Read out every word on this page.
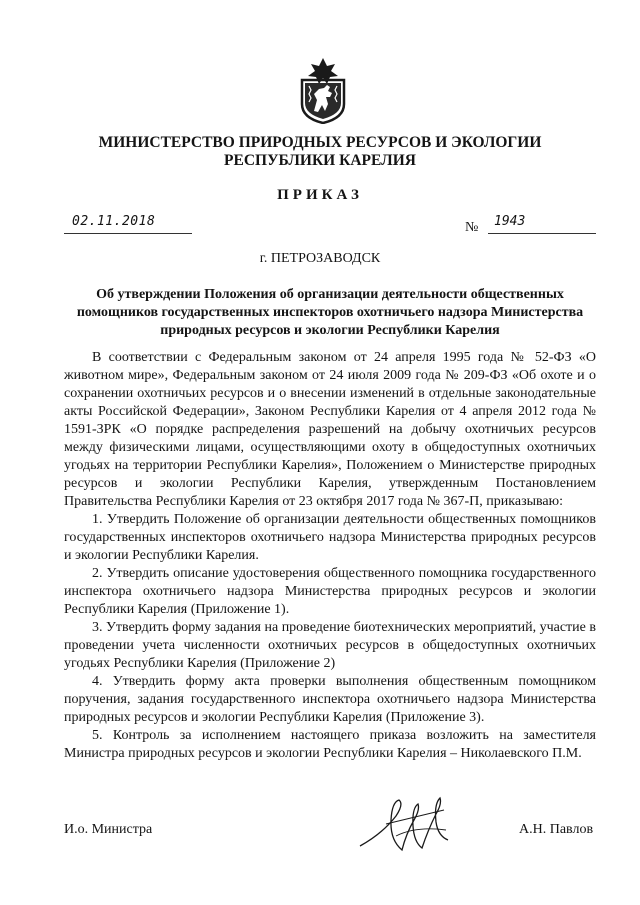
МИНИСТЕРСТВО ПРИРОДНЫХ РЕСУРСОВ И ЭКОЛОГИИ РЕСПУБЛИКИ КАРЕЛИЯ
ПРИКАЗ
02.11.2018	№ 1943
г. ПЕТРОЗАВОДСК
Об утверждении Положения об организации деятельности общественных помощников государственных инспекторов охотничьего надзора Министерства природных ресурсов и экологии Республики Карелия

В соответствии с Федеральным законом от 24 апреля 1995 года № 52-ФЗ «О животном мире», Федеральным законом от 24 июля 2009 года № 209-ФЗ «Об охоте и о сохранении охотничьих ресурсов и о внесении изменений в отдельные законодательные акты Российской Федерации», Законом Республики Карелия от 4 апреля 2012 года № 1591-ЗРК «О порядке распределения разрешений на добычу охотничьих ресурсов между физическими лицами, осуществляющими охоту в общедоступных охотничьих угодьях на территории Республики Карелия», Положением о Министерстве природных ресурсов и экологии Республики Карелия, утвержденным Постановлением Правительства Республики Карелия от 23 октября 2017 года № 367-П, приказываю:

1. Утвердить Положение об организации деятельности общественных помощников государственных инспекторов охотничьего надзора Министерства природных ресурсов и экологии Республики Карелия.

2. Утвердить описание удостоверения общественного помощника государственного инспектора охотничьего надзора Министерства природных ресурсов и экологии Республики Карелия (Приложение 1).

3. Утвердить форму задания на проведение биотехнических мероприятий, участие в проведении учета численности охотничьих ресурсов в общедоступных охотничьих угодьях Республики Карелия (Приложение 2)

4. Утвердить форму акта проверки выполнения общественным помощником поручения, задания государственного инспектора охотничьего надзора Министерства природных ресурсов и экологии Республики Карелия (Приложение 3).

5. Контроль за исполнением настоящего приказа возложить на заместителя Министра природных ресурсов и экологии Республики Карелия – Николаевского П.М.

И.о. Министра	А.Н. Павлов
